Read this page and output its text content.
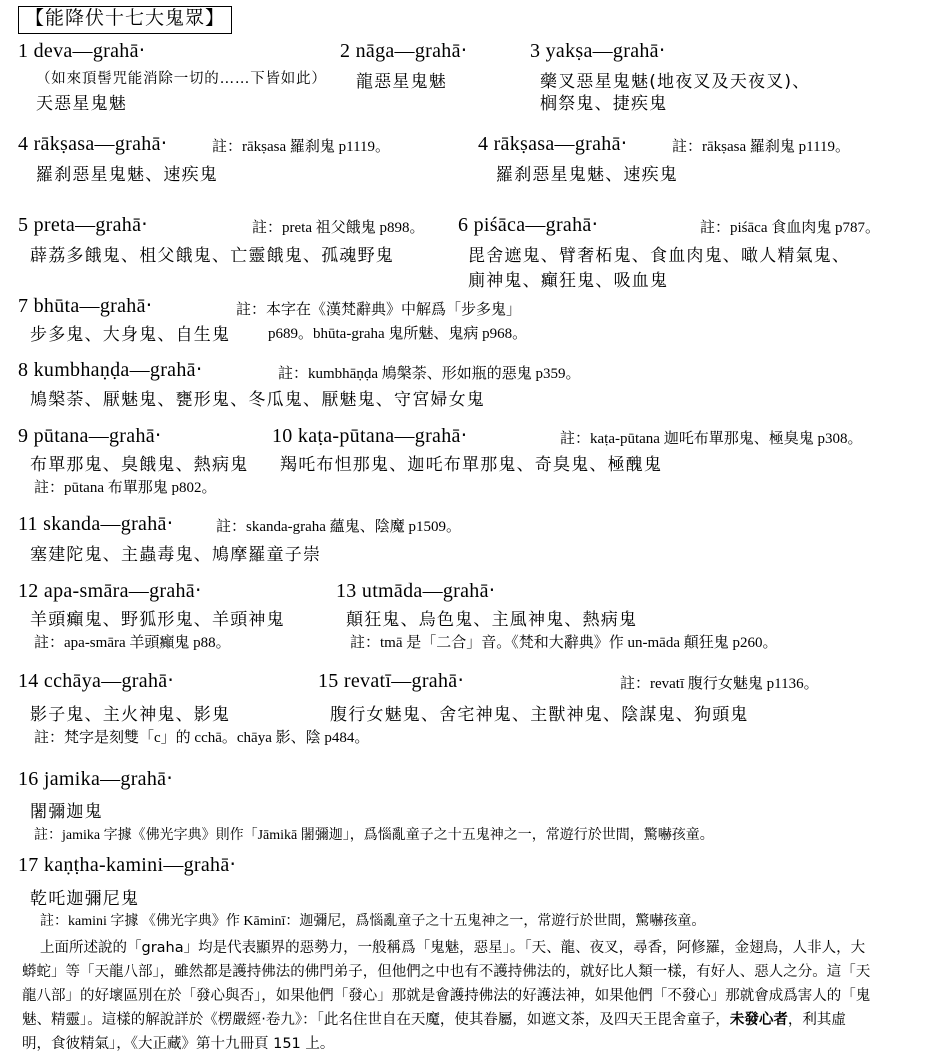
【能降伏十七大鬼眾】
1 deva—grahā‧
（如來頂髻咒能消除一切的……下皆如此）
天惡星鬼魅
2 nāga—grahā‧
龍惡星鬼魅
3 yakṣa—grahā‧
藥叉惡星鬼魅(地夜叉及天夜叉)、
榈祭鬼、捷疾鬼
4 rākṣasa—grahā‧	註：rākṣasa 羅刹鬼 p1119。
羅刹惡星鬼魅、速疾鬼
4 rākṣasa—grahā‧	註：rākṣasa 羅刹鬼 p1119。
羅刹惡星鬼魅、速疾鬼
5 preta—grahā‧	註：preta 祖父餓鬼 p898。
薜荔多餓鬼、柤父餓鬼、亡靈餓鬼、孤魂野鬼
6 piśāca—grahā‧	註：piśāca 食血肉鬼 p787。
毘舍遮鬼、臂奢柘鬼、食血肉鬼、噉人精氣鬼、
廁神鬼、癲狂鬼、吸血鬼
7 bhūta—grahā‧	註：本字在《漢梵辭典》中解爲「步多鬼」
步多鬼、大身鬼、自生鬼	p689。bhūta-graha 鬼所魅、鬼病 p968。
8 kumbhaṇḍa—grahā‧	註：kumbhāṇḍa 鳩槃荼、形如瓶的惡鬼 p359。
鳩槃荼、厭魅鬼、甕形鬼、冬瓜鬼、厭魅鬼、守宮婦女鬼
9 pūtana—grahā‧
布單那鬼、臭餓鬼、熱病鬼
註：pūtana 布單那鬼 p802。
10 kaṭa-pūtana—grahā‧	註：kaṭa-pūtana 迦吒布單那鬼、極臭鬼 p308。
羯吒布怛那鬼、迦吒布單那鬼、奇臭鬼、極醜鬼
11 skanda—grahā‧	註：skanda-graha 蘊鬼、陰魔 p1509。
塞建陀鬼、主蟲毒鬼、鳩摩羅童子崇
12 apa-smāra—grahā‧
羊頭癲鬼、野狐形鬼、羊頭神鬼
註：apa-smāra 羊頭癲鬼 p88。
13 utmāda—grahā‧
顛狂鬼、烏色鬼、主風神鬼、熱病鬼
註：tmā 是「二合」音。《梵和大辭典》作 un-māda 顛狂鬼 p260。
14 cchāya—grahā‧
影子鬼、主火神鬼、影鬼
註：梵字是刻雙「c」的 cchā。chāya 影、陰 p484。
15 revatī—grahā‧	註：revatī 腹行女魅鬼 p1136。
腹行女魅鬼、舍宅神鬼、主獸神鬼、陰謀鬼、狗頭鬼
16 jamika—grahā‧
闍彌迦鬼
註：jamika 字據《佛光字典》則作「Jāmikā 闍彌迦」，爲惱亂童子之十五鬼神之一，常遊行於世間，驚嚇孩童。
17 kaṇṭha-kamini—grahā‧
乾吒迦彌尼鬼
註：kamini 字據 《佛光字典》作 Kāminī：迦彌尼，爲惱亂童子之十五鬼神之一，常遊行於世間，驚嚇孩童。
上面所述說的「graha」均是代表顯界的惡勢力，一般稱爲「鬼魅，惡星」。「天、龍、夜叉，尋香，阿修羅，金翅鳥，人非人，大
蟒蛇」等「天龍八部」，雖然都是護持佛法的佛門弟子，但他們之中也有不護持佛法的，就好比人類一樣，有好人、惡人之分。這「天
龍八部」的好壞區別在於「發心與否」，如果他們「發心」那就是會護持佛法的好護法神，如果他們「不發心」那就會成爲害人的「鬼
魅、精靈」。這樣的解說詳於《楞嚴經‧卷九》：「此名住世自在天魔，使其眷屬，如遮文茶，及四天王毘舍童子，未發心者，利其虛
明，食彼精氣」，《大正藏》第十九冊頁 151 上。
